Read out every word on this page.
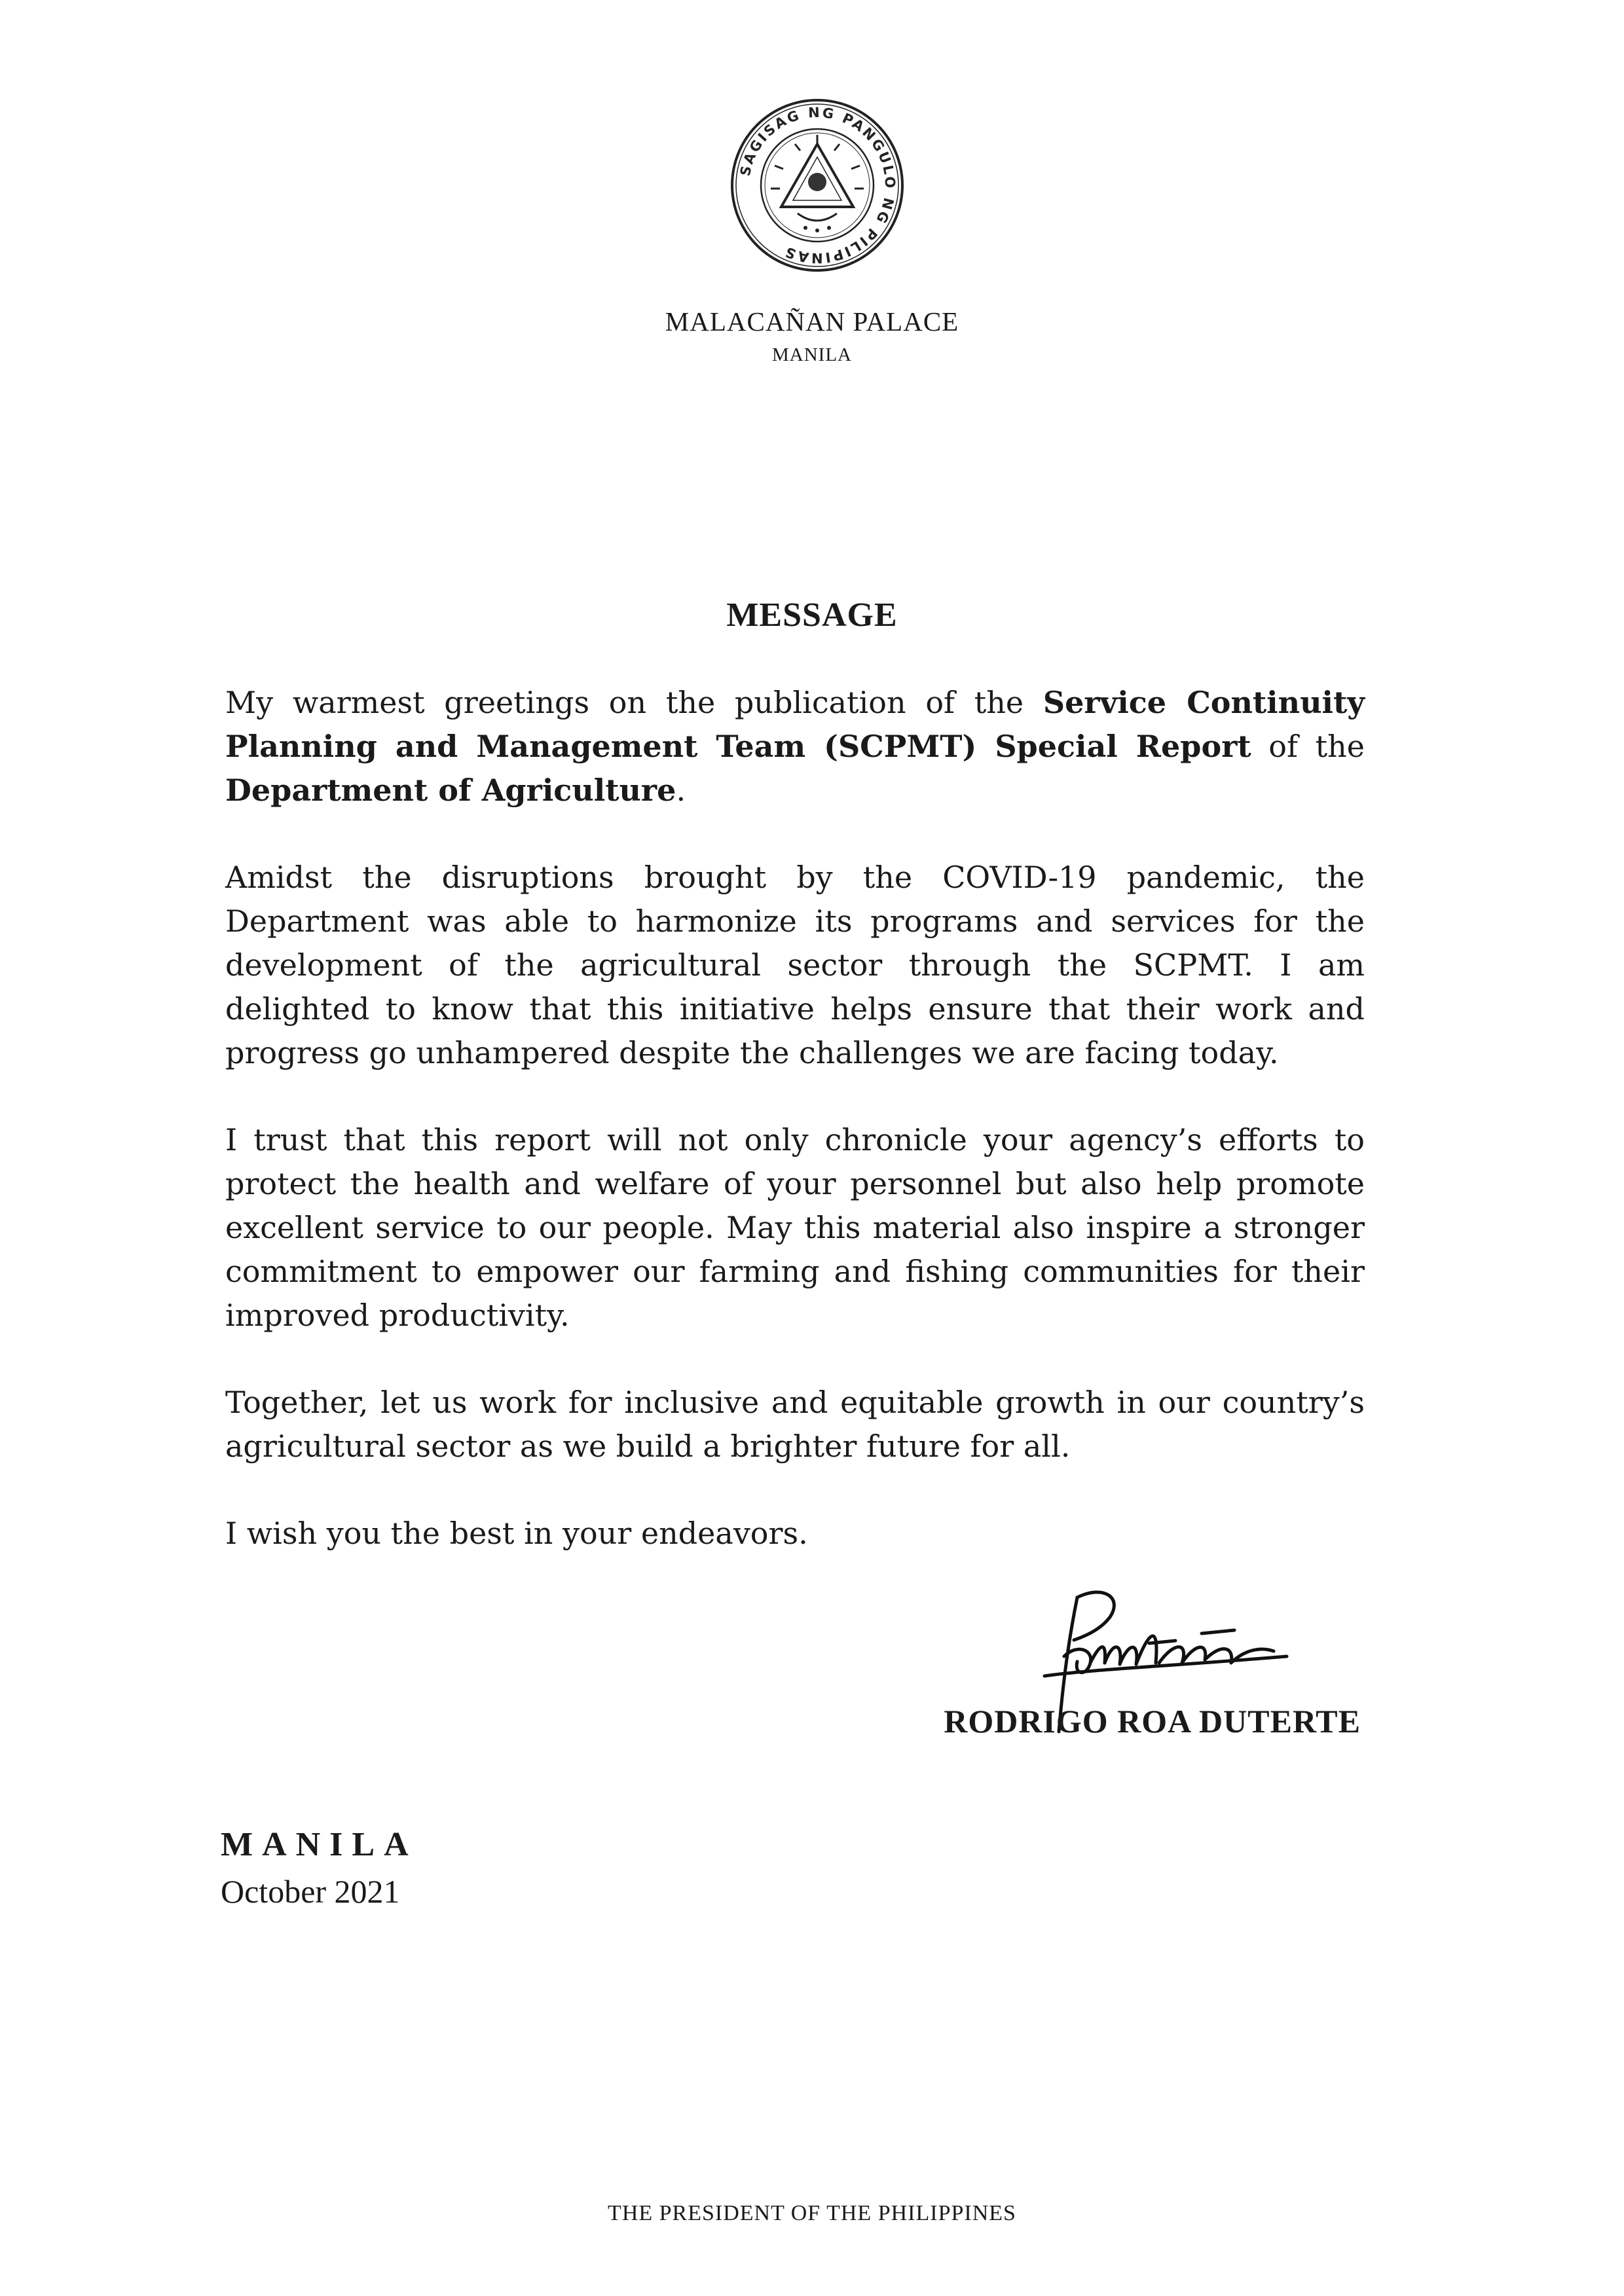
SAGISAG NG PANGULO NG PILIPINAS
MALACAÑAN PALACE
MANILA
MESSAGE

My warmest greetings on the publication of the Service Continuity Planning and Management Team (SCPMT) Special Report of the Department of Agriculture.

Amidst the disruptions brought by the COVID-19 pandemic, the Department was able to harmonize its programs and services for the development of the agricultural sector through the SCPMT. I am delighted to know that this initiative helps ensure that their work and progress go unhampered despite the challenges we are facing today.

I trust that this report will not only chronicle your agency’s efforts to protect the health and welfare of your personnel but also help promote excellent service to our people. May this material also inspire a stronger commitment to empower our farming and fishing communities for their improved productivity.

Together, let us work for inclusive and equitable growth in our country’s agricultural sector as we build a brighter future for all.

I wish you the best in your endeavors.

RODRIGO ROA DUTERTE
MANILA
October 2021
THE PRESIDENT OF THE PHILIPPINES
